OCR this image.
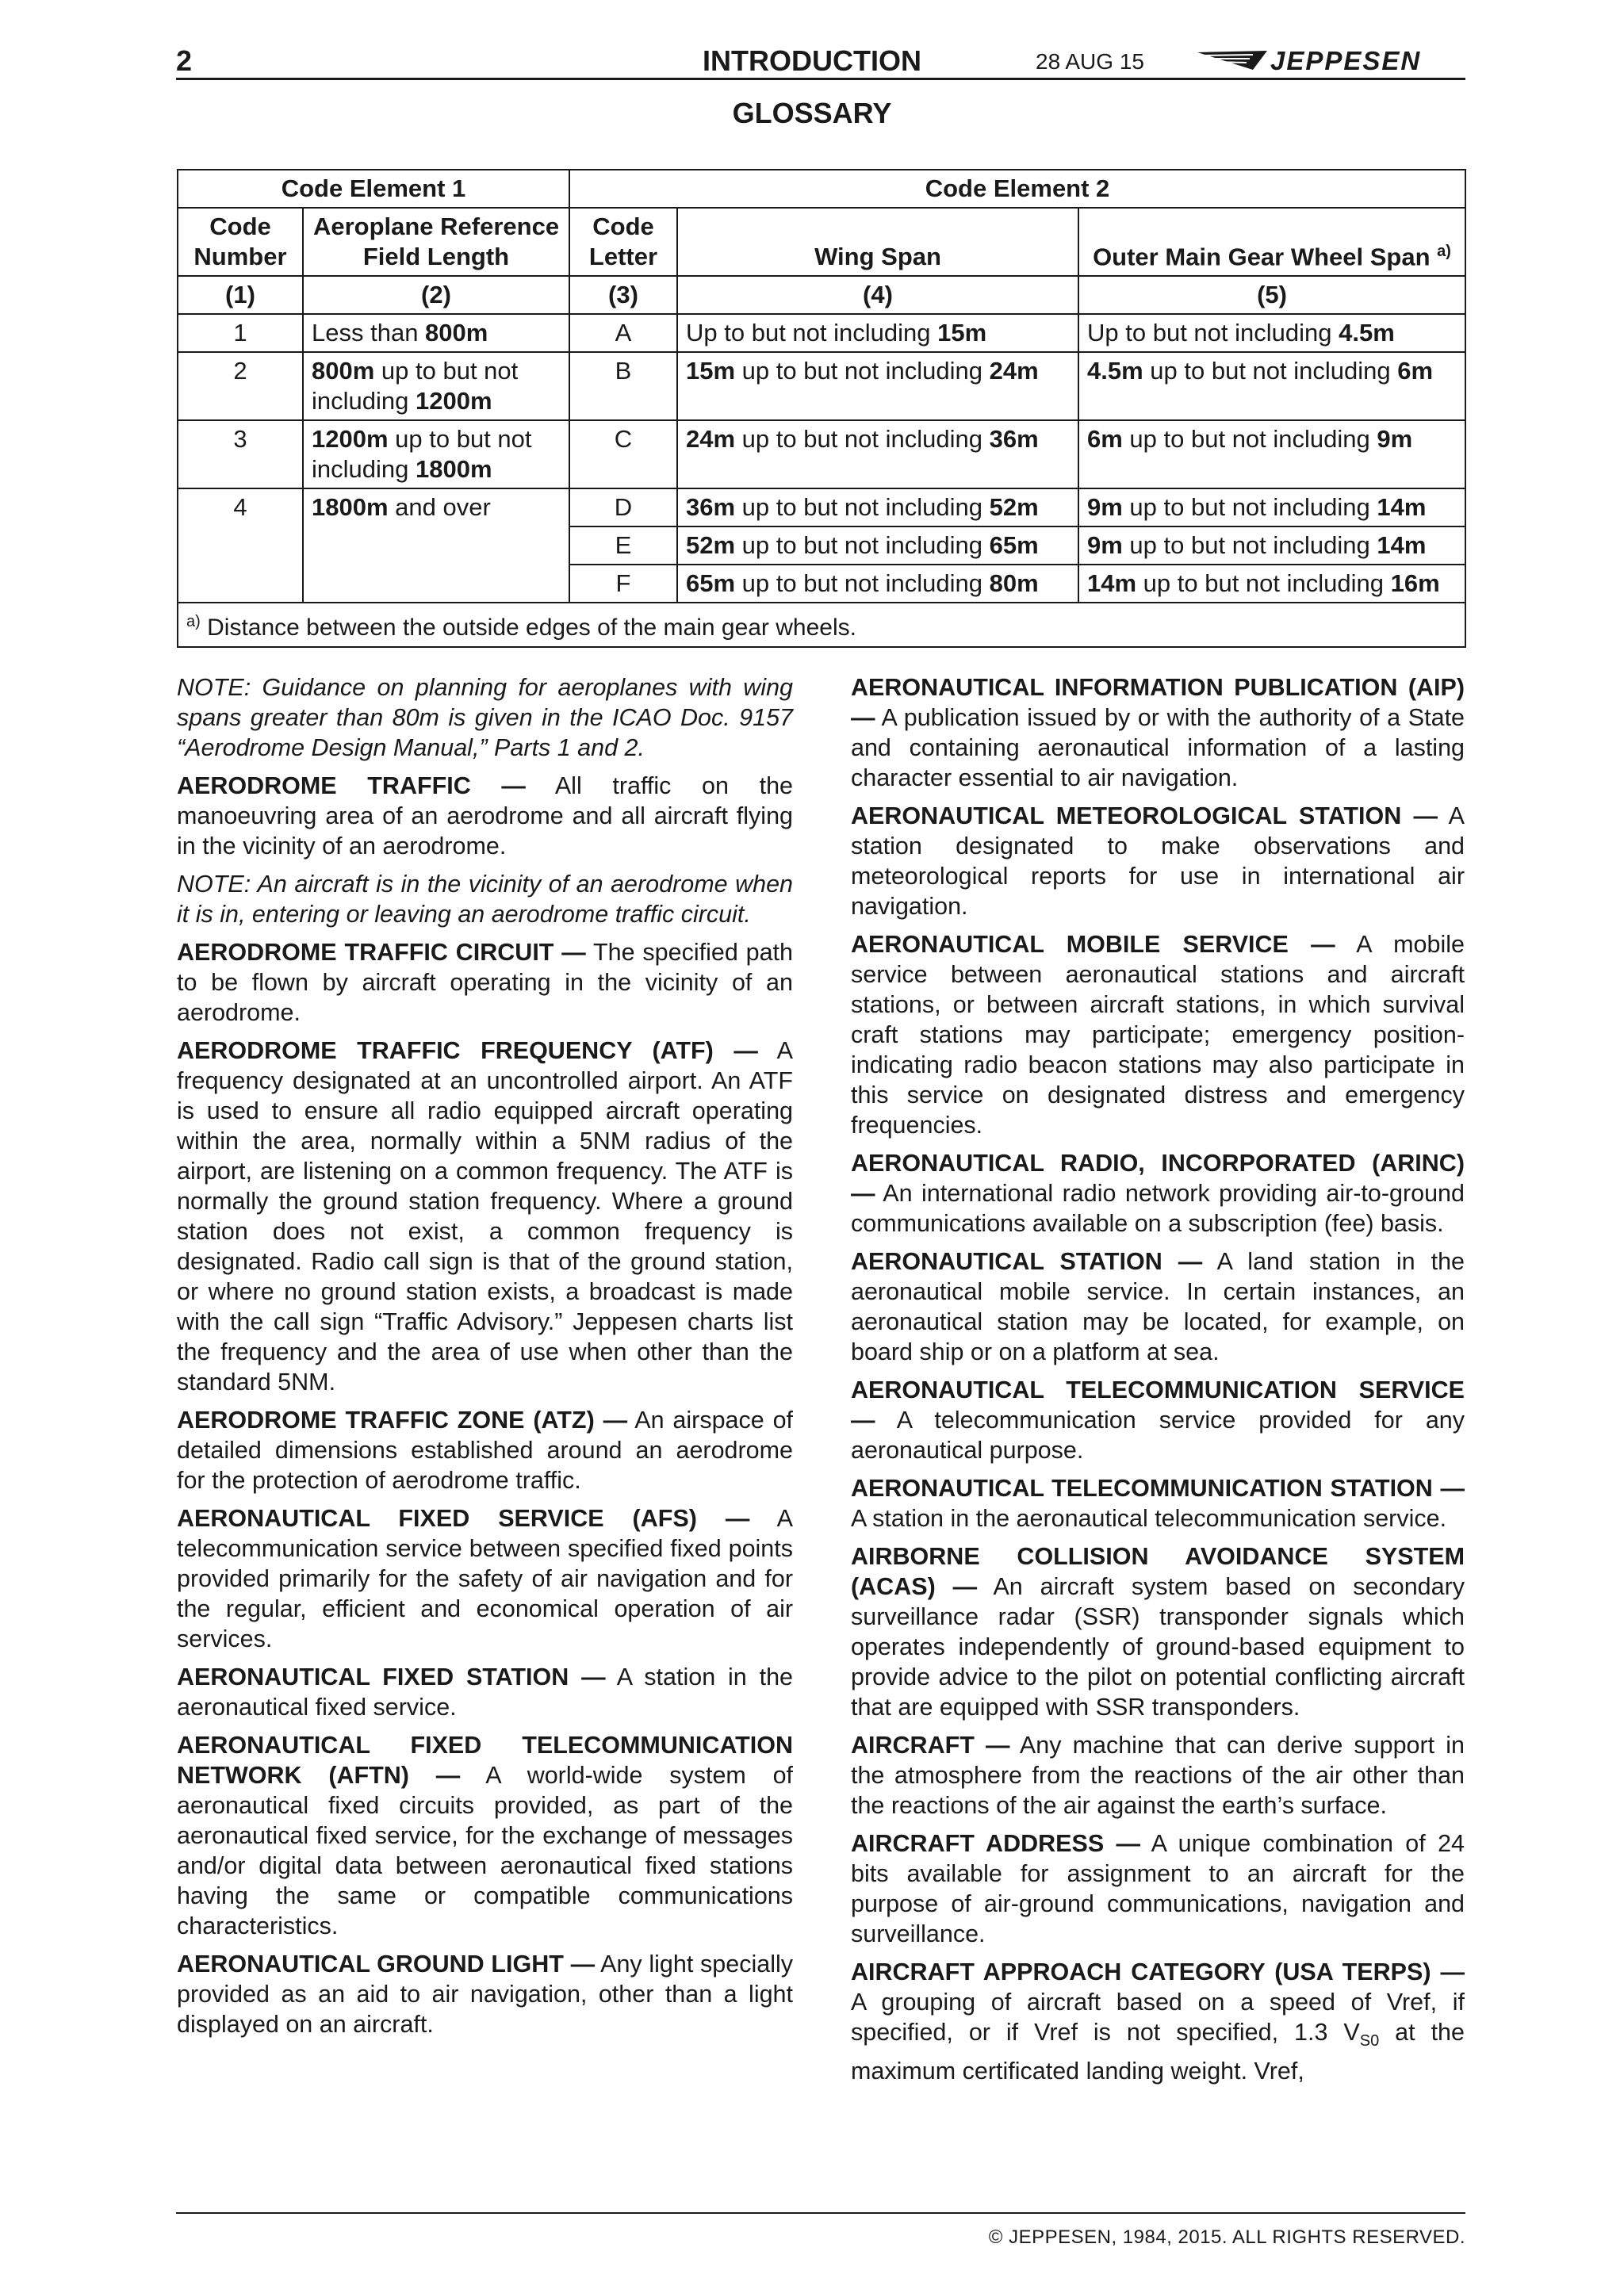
2	INTRODUCTION	28 AUG 15	JEPPESEN
GLOSSARY
Code Element 1		Code Element 2		
Code Number	Aeroplane Reference Field Length	Code Letter	Wing Span	Outer Main Gear Wheel Span $^{a)}$
(1)	(2)	(3)	(4)	(5)
1	Less than 800m	A	Up to but not including 15m	Up to but not including 4.5m
2	800m up to but not including 1200m	B	15m up to but not including 24m	4.5m up to but not including 6m
3	1200m up to but not including 1800m	C	24m up to but not including 36m	6m up to but not including 9m
4	1800m and over	D	36m up to but not including 52m	9m up to but not including 14m
		E	52m up to but not including 65m	9m up to but not including 14m
		F	65m up to but not including 80m	14m up to but not including 16m
$^{a)}$ Distance between the outside edges of the main gear wheels.				

NOTE: Guidance on planning for aeroplanes with wing spans greater than 80m is given in the ICAO Doc. 9157 “Aerodrome Design Manual,” Parts 1 and 2.

AERODROME TRAFFIC — All traffic on the manoeuvring area of an aerodrome and all aircraft flying in the vicinity of an aerodrome.

NOTE: An aircraft is in the vicinity of an aerodrome when it is in, entering or leaving an aerodrome traffic circuit.

AERODROME TRAFFIC CIRCUIT — The specified path to be flown by aircraft operating in the vicinity of an aerodrome.

AERODROME TRAFFIC FREQUENCY (ATF) — A frequency designated at an uncontrolled airport. An ATF is used to ensure all radio equipped aircraft operating within the area, normally within a 5NM radius of the airport, are listening on a common frequency. The ATF is normally the ground station frequency. Where a ground station does not exist, a common frequency is designated. Radio call sign is that of the ground station, or where no ground station exists, a broadcast is made with the call sign “Traffic Advisory.” Jeppesen charts list the frequency and the area of use when other than the standard 5NM.

AERODROME TRAFFIC ZONE (ATZ) — An airspace of detailed dimensions established around an aerodrome for the protection of aerodrome traffic.

AERONAUTICAL FIXED SERVICE (AFS) — A telecommunication service between specified fixed points provided primarily for the safety of air navigation and for the regular, efficient and economical operation of air services.

AERONAUTICAL FIXED STATION — A station in the aeronautical fixed service.

AERONAUTICAL FIXED TELECOMMUNICATION NETWORK (AFTN) — A world-wide system of aeronautical fixed circuits provided, as part of the aeronautical fixed service, for the exchange of messages and/or digital data between aeronautical fixed stations having the same or compatible communications characteristics.

AERONAUTICAL GROUND LIGHT — Any light specially provided as an aid to air navigation, other than a light displayed on an aircraft.

AERONAUTICAL INFORMATION PUBLICATION (AIP) — A publication issued by or with the authority of a State and containing aeronautical information of a lasting character essential to air navigation.

AERONAUTICAL METEOROLOGICAL STATION — A station designated to make observations and meteorological reports for use in international air navigation.

AERONAUTICAL MOBILE SERVICE — A mobile service between aeronautical stations and aircraft stations, or between aircraft stations, in which survival craft stations may participate; emergency position-indicating radio beacon stations may also participate in this service on designated distress and emergency frequencies.

AERONAUTICAL RADIO, INCORPORATED (ARINC) — An international radio network providing air-to-ground communications available on a subscription (fee) basis.

AERONAUTICAL STATION — A land station in the aeronautical mobile service. In certain instances, an aeronautical station may be located, for example, on board ship or on a platform at sea.

AERONAUTICAL TELECOMMUNICATION SERVICE — A telecommunication service provided for any aeronautical purpose.

AERONAUTICAL TELECOMMUNICATION STATION — A station in the aeronautical telecommunication service.

AIRBORNE COLLISION AVOIDANCE SYSTEM (ACAS) — An aircraft system based on secondary surveillance radar (SSR) transponder signals which operates independently of ground-based equipment to provide advice to the pilot on potential conflicting aircraft that are equipped with SSR transponders.

AIRCRAFT — Any machine that can derive support in the atmosphere from the reactions of the air other than the reactions of the air against the earth’s surface.

AIRCRAFT ADDRESS — A unique combination of 24 bits available for assignment to an aircraft for the purpose of air-ground communications, navigation and surveillance.

AIRCRAFT APPROACH CATEGORY (USA TERPS) — A grouping of aircraft based on a speed of Vref, if specified, or if Vref is not specified, 1.3 $V_{S0}$ at the maximum certificated landing weight. Vref,

© JEPPESEN, 1984, 2015. ALL RIGHTS RESERVED.
